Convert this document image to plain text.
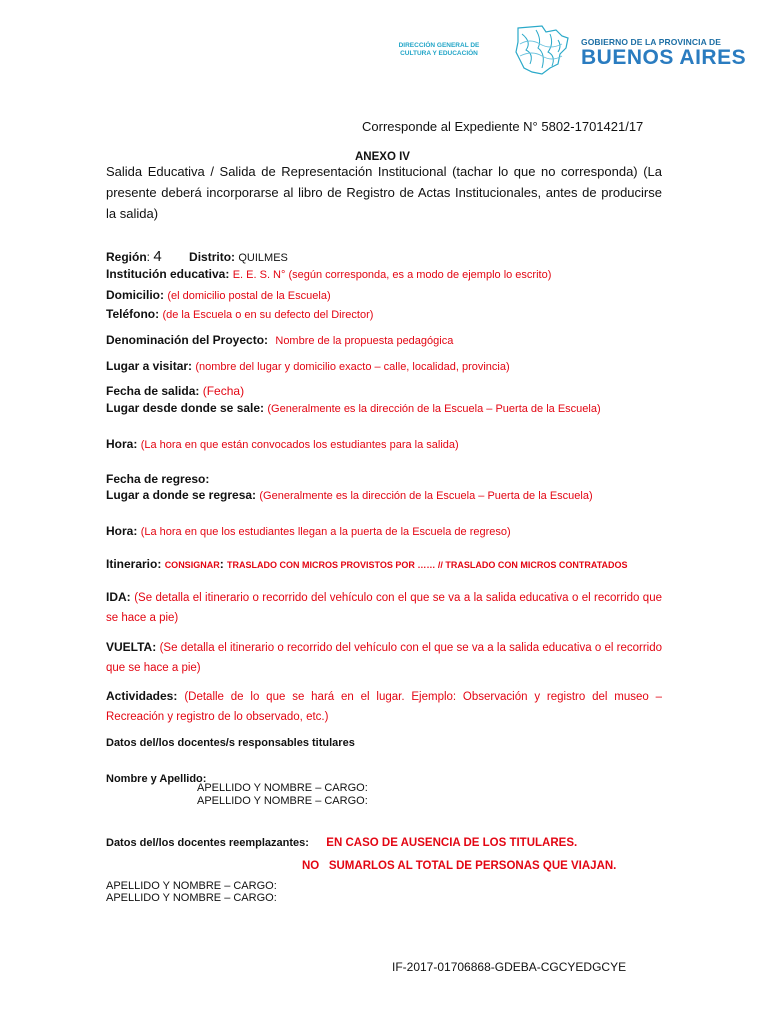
DIRECCIÓN GENERAL DE
CULTURA Y EDUCACIÓN
GOBIERNO DE LA PROVINCIA DE
BUENOS AIRES
Corresponde al Expediente N° 5802-1701421/17
ANEXO IV
Salida Educativa / Salida de Representación Institucional (tachar lo que no corresponda) (La presente deberá incorporarse al libro de Registro de Actas Institucionales, antes de producirse la salida)
Región: 4 Distrito: QUILMES
Institución educativa: E. E. S. N° (según corresponda, es a modo de ejemplo lo escrito)
Domicilio: (el domicilio postal de la Escuela)
Teléfono: (de la Escuela o en su defecto del Director)
Denominación del Proyecto: Nombre de la propuesta pedagógica
Lugar a visitar: (nombre del lugar y domicilio exacto – calle, localidad, provincia)
Fecha de salida: (Fecha)
Lugar desde donde se sale: (Generalmente es la dirección de la Escuela – Puerta de la Escuela)
Hora: (La hora en que están convocados los estudiantes para la salida)
Fecha de regreso:
Lugar a donde se regresa: (Generalmente es la dirección de la Escuela – Puerta de la Escuela)
Hora: (La hora en que los estudiantes llegan a la puerta de la Escuela de regreso)
Itinerario: CONSIGNAR: TRASLADO CON MICROS PROVISTOS POR …… // TRASLADO CON MICROS CONTRATADOS
IDA: (Se detalla el itinerario o recorrido del vehículo con el que se va a la salida educativa o el recorrido que se hace a pie)
VUELTA: (Se detalla el itinerario o recorrido del vehículo con el que se va a la salida educativa o el recorrido que se hace a pie)
Actividades: (Detalle de lo que se hará en el lugar. Ejemplo: Observación y registro del museo – Recreación y registro de lo observado, etc.)
Datos del/los docentes/s responsables titulares
Nombre y Apellido:
APELLIDO Y NOMBRE – CARGO:
APELLIDO Y NOMBRE – CARGO:
Datos del/los docentes reemplazantes: EN CASO DE AUSENCIA DE LOS TITULARES.
NO   SUMARLOS AL TOTAL DE PERSONAS QUE VIAJAN.
APELLIDO Y NOMBRE – CARGO:
APELLIDO Y NOMBRE – CARGO:
IF-2017-01706868-GDEBA-CGCYEDGCYE
